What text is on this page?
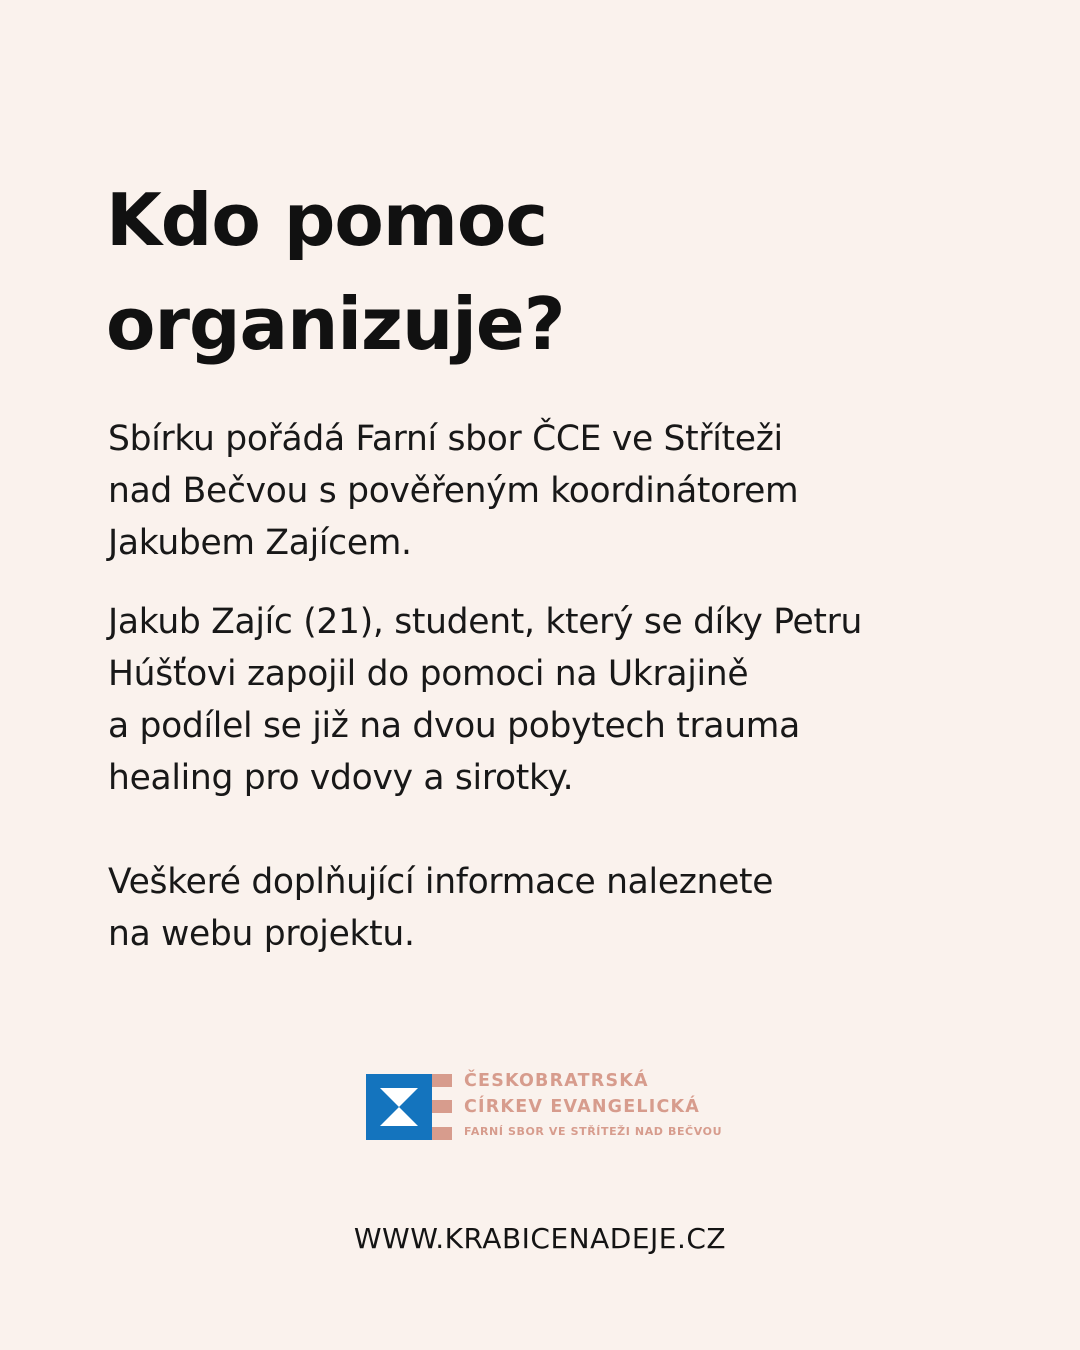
Kdo pomoc
organizuje?

Sbírku pořádá Farní sbor ČCE ve Stříteži
nad Bečvou s pověřeným koordinátorem
Jakubem Zajícem.

Jakub Zajíc (21), student, který se díky Petru
Húšťovi zapojil do pomoci na Ukrajině
a podílel se již na dvou pobytech trauma
healing pro vdovy a sirotky.

Veškeré doplňující informace naleznete
na webu projektu.

ČESKOBRATRSKÁ
CÍRKEV EVANGELICKÁ
FARNÍ SBOR VE STŘÍTEŽI NAD BEČVOU
WWW.KRABICENADEJE.CZ
